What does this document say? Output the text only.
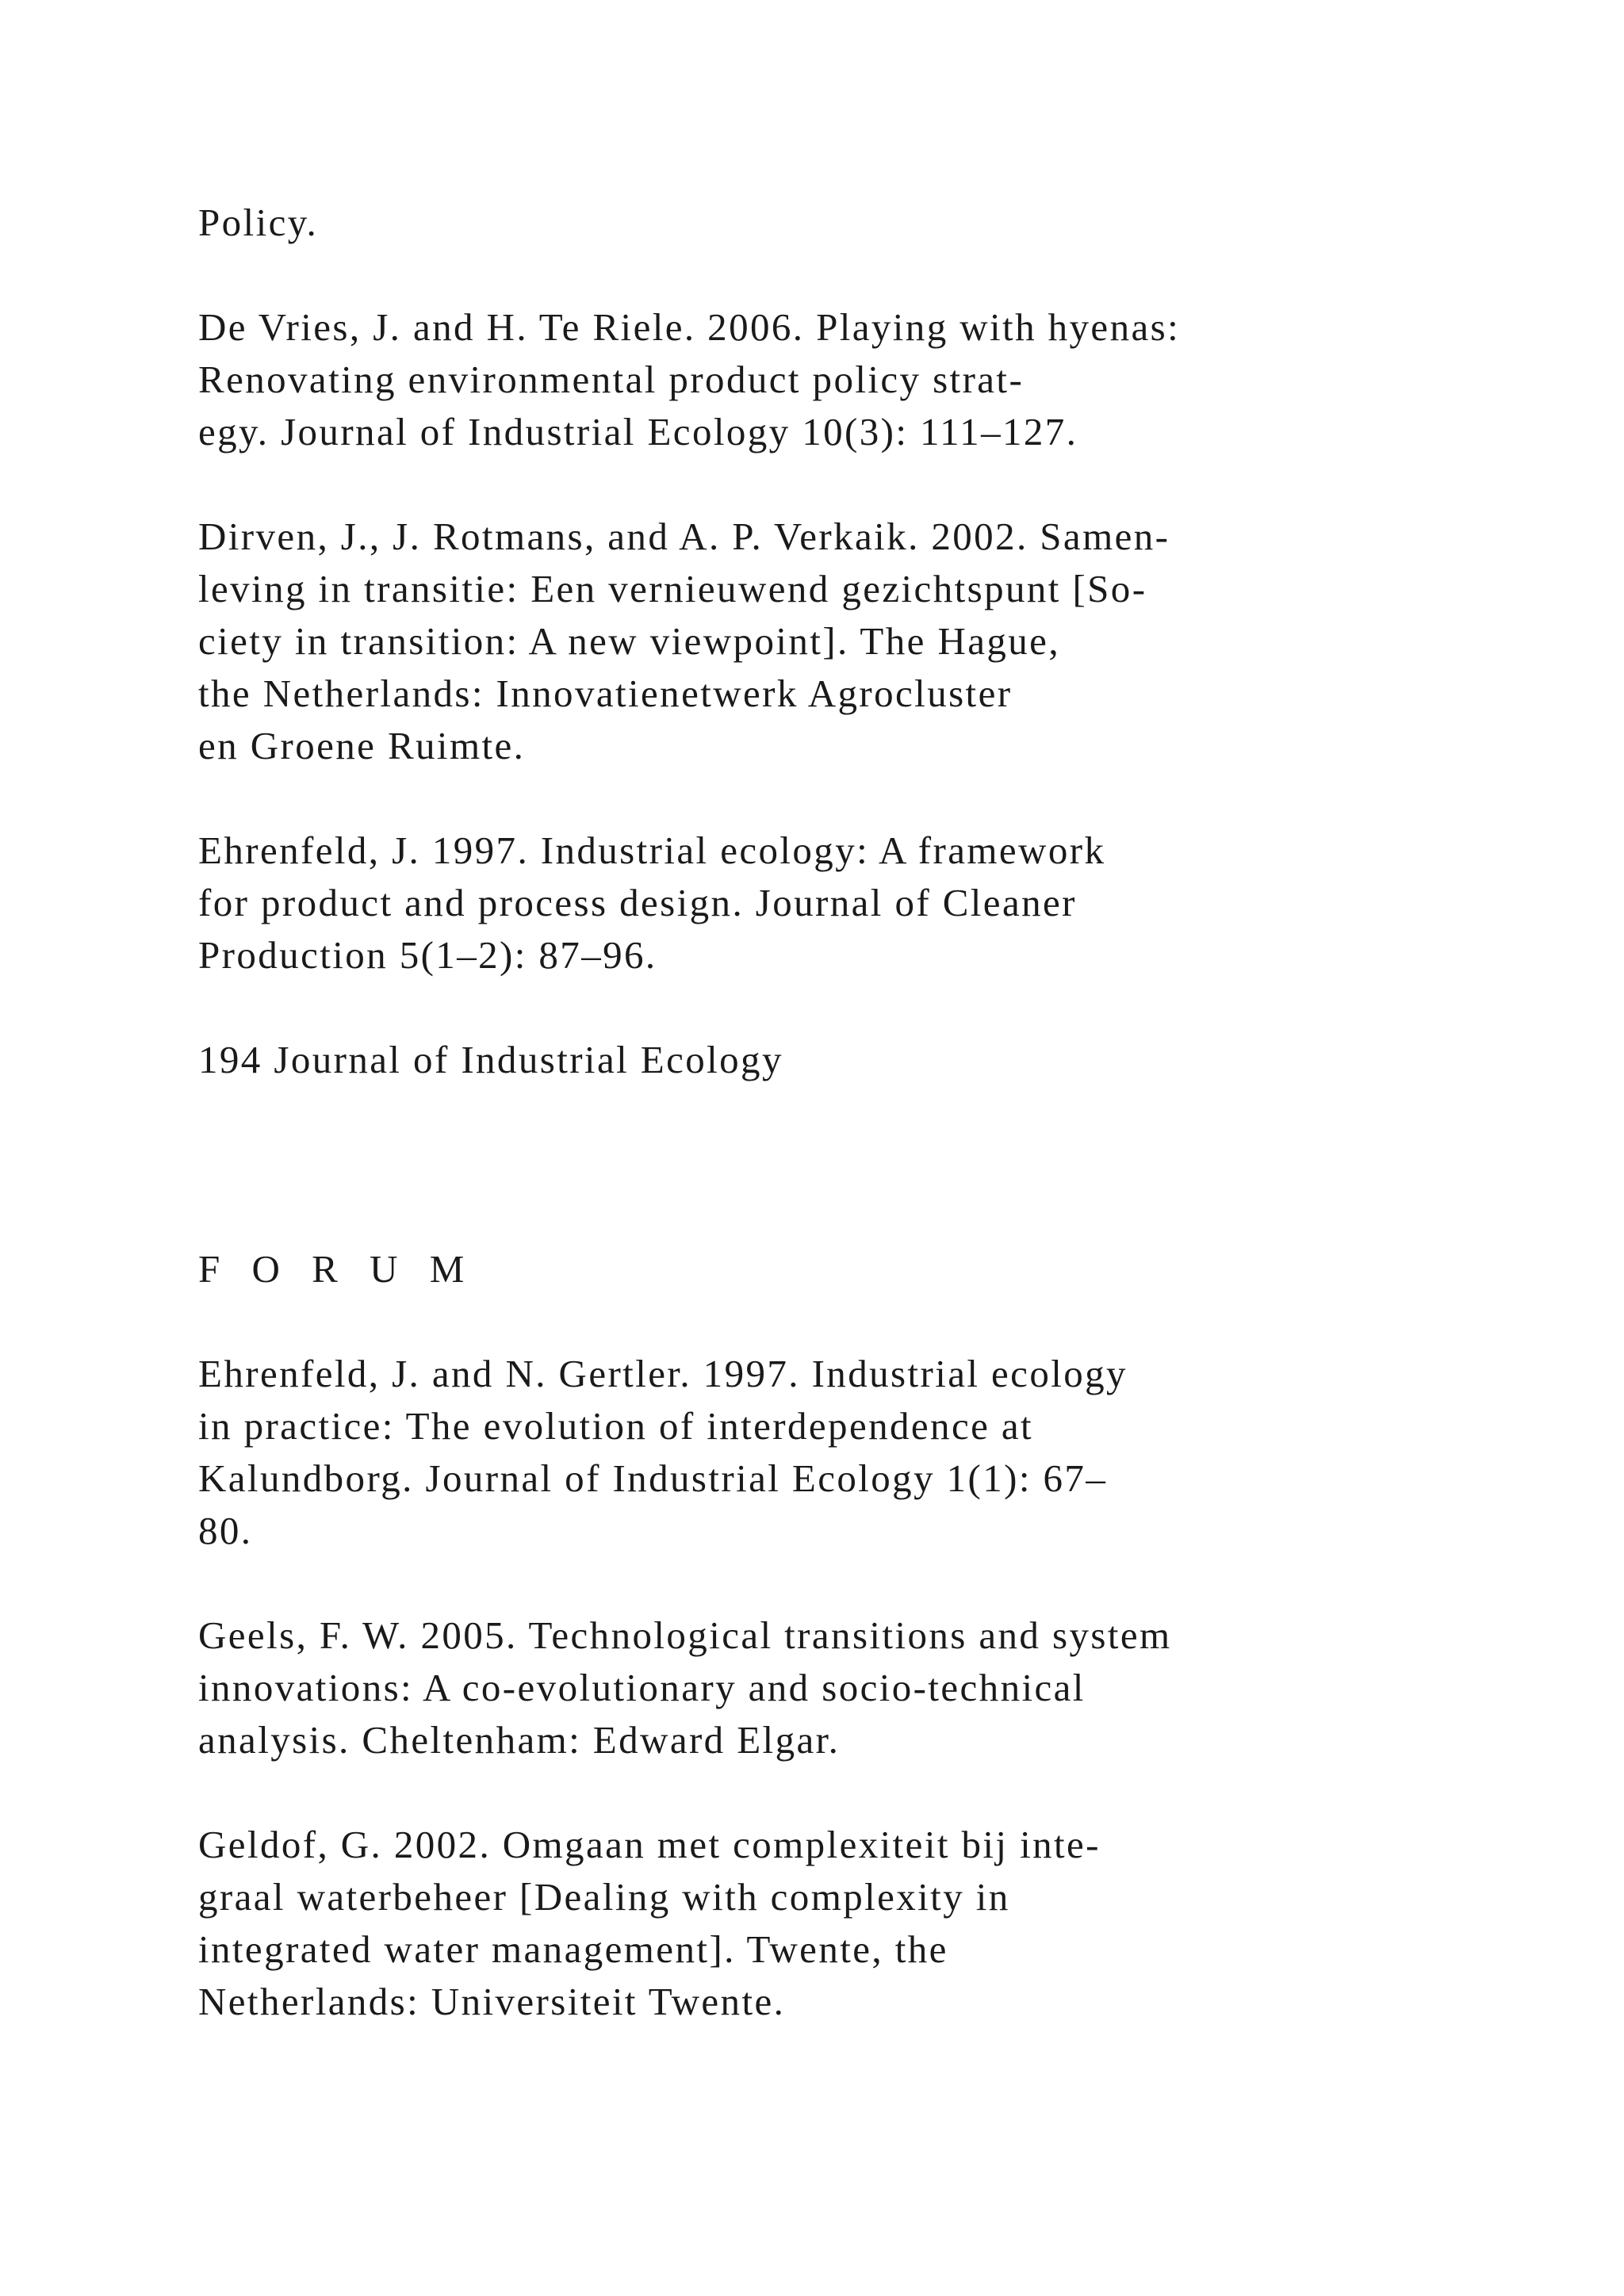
Policy.

De Vries, J. and H. Te Riele. 2006. Playing with hyenas:

Renovating environmental product policy strat-

egy. Journal of Industrial Ecology 10(3): 111–127.

Dirven, J., J. Rotmans, and A. P. Verkaik. 2002. Samen-

leving in transitie: Een vernieuwend gezichtspunt [So-

ciety in transition: A new viewpoint]. The Hague,

the Netherlands: Innovatienetwerk Agrocluster

en Groene Ruimte.

Ehrenfeld, J. 1997. Industrial ecology: A framework

for product and process design. Journal of Cleaner

Production 5(1–2): 87–96.

194 Journal of Industrial Ecology

F O R U M

Ehrenfeld, J. and N. Gertler. 1997. Industrial ecology

in practice: The evolution of interdependence at

Kalundborg. Journal of Industrial Ecology 1(1): 67–

80.

Geels, F. W. 2005. Technological transitions and system

innovations: A co-evolutionary and socio-technical

analysis. Cheltenham: Edward Elgar.

Geldof, G. 2002. Omgaan met complexiteit bij inte-

graal waterbeheer [Dealing with complexity in

integrated water management]. Twente, the

Netherlands: Universiteit Twente.
